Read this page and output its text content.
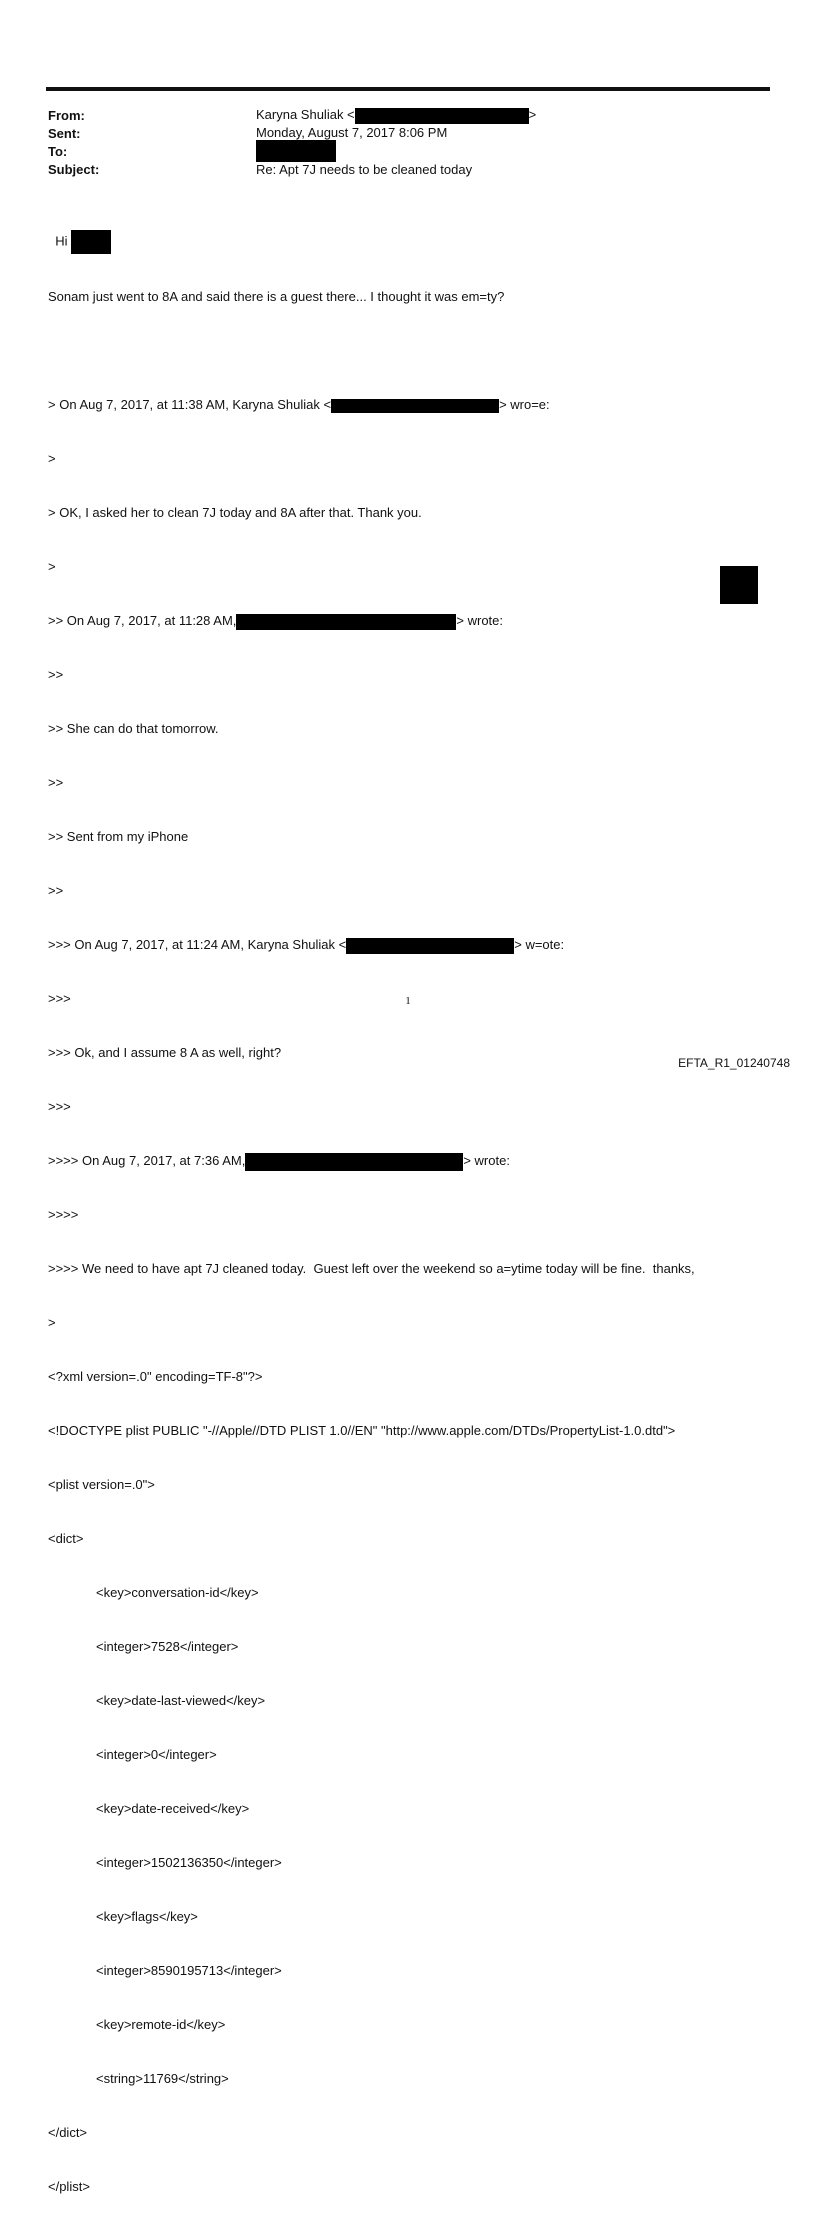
From:	Karyna Shuliak <	>
Sent:	Monday, August 7, 2017 8:06 PM
To:
Subject:	Re: Apt 7J needs to be cleaned today

Hi

Sonam just went to 8A and said there is a guest there... I thought it was em=ty?

> On Aug 7, 2017, at 11:38 AM, Karyna Shuliak <	> wro=e:

>

> OK, I asked her to clean 7J today and 8A after that. Thank you.

>

>> On Aug 7, 2017, at 11:28 AM,	> wrote:

>>

>> She can do that tomorrow.

>>

>> Sent from my iPhone

>>

>>> On Aug 7, 2017, at 11:24 AM, Karyna Shuliak <	> w=ote:

>>>

>>> Ok, and I assume 8 A as well, right?

>>>

>>>> On Aug 7, 2017, at 7:36 AM,	> wrote:

>>>>

>>>> We need to have apt 7J cleaned today.  Guest left over the weekend so a=ytime today will be fine.  thanks,

>

<?xml version=.0" encoding=TF-8"?>

<!DOCTYPE plist PUBLIC "-//Apple//DTD PLIST 1.0//EN" "http://www.apple.com/DTDs/PropertyList-1.0.dtd">

<plist version=.0">

<dict>

<key>conversation-id</key>

<integer>7528</integer>

<key>date-last-viewed</key>

<integer>0</integer>

<key>date-received</key>

<integer>1502136350</integer>

<key>flags</key>

<integer>8590195713</integer>

<key>remote-id</key>

<string>11769</string>

</dict>

</plist>

1
EFTA_R1_01240748
